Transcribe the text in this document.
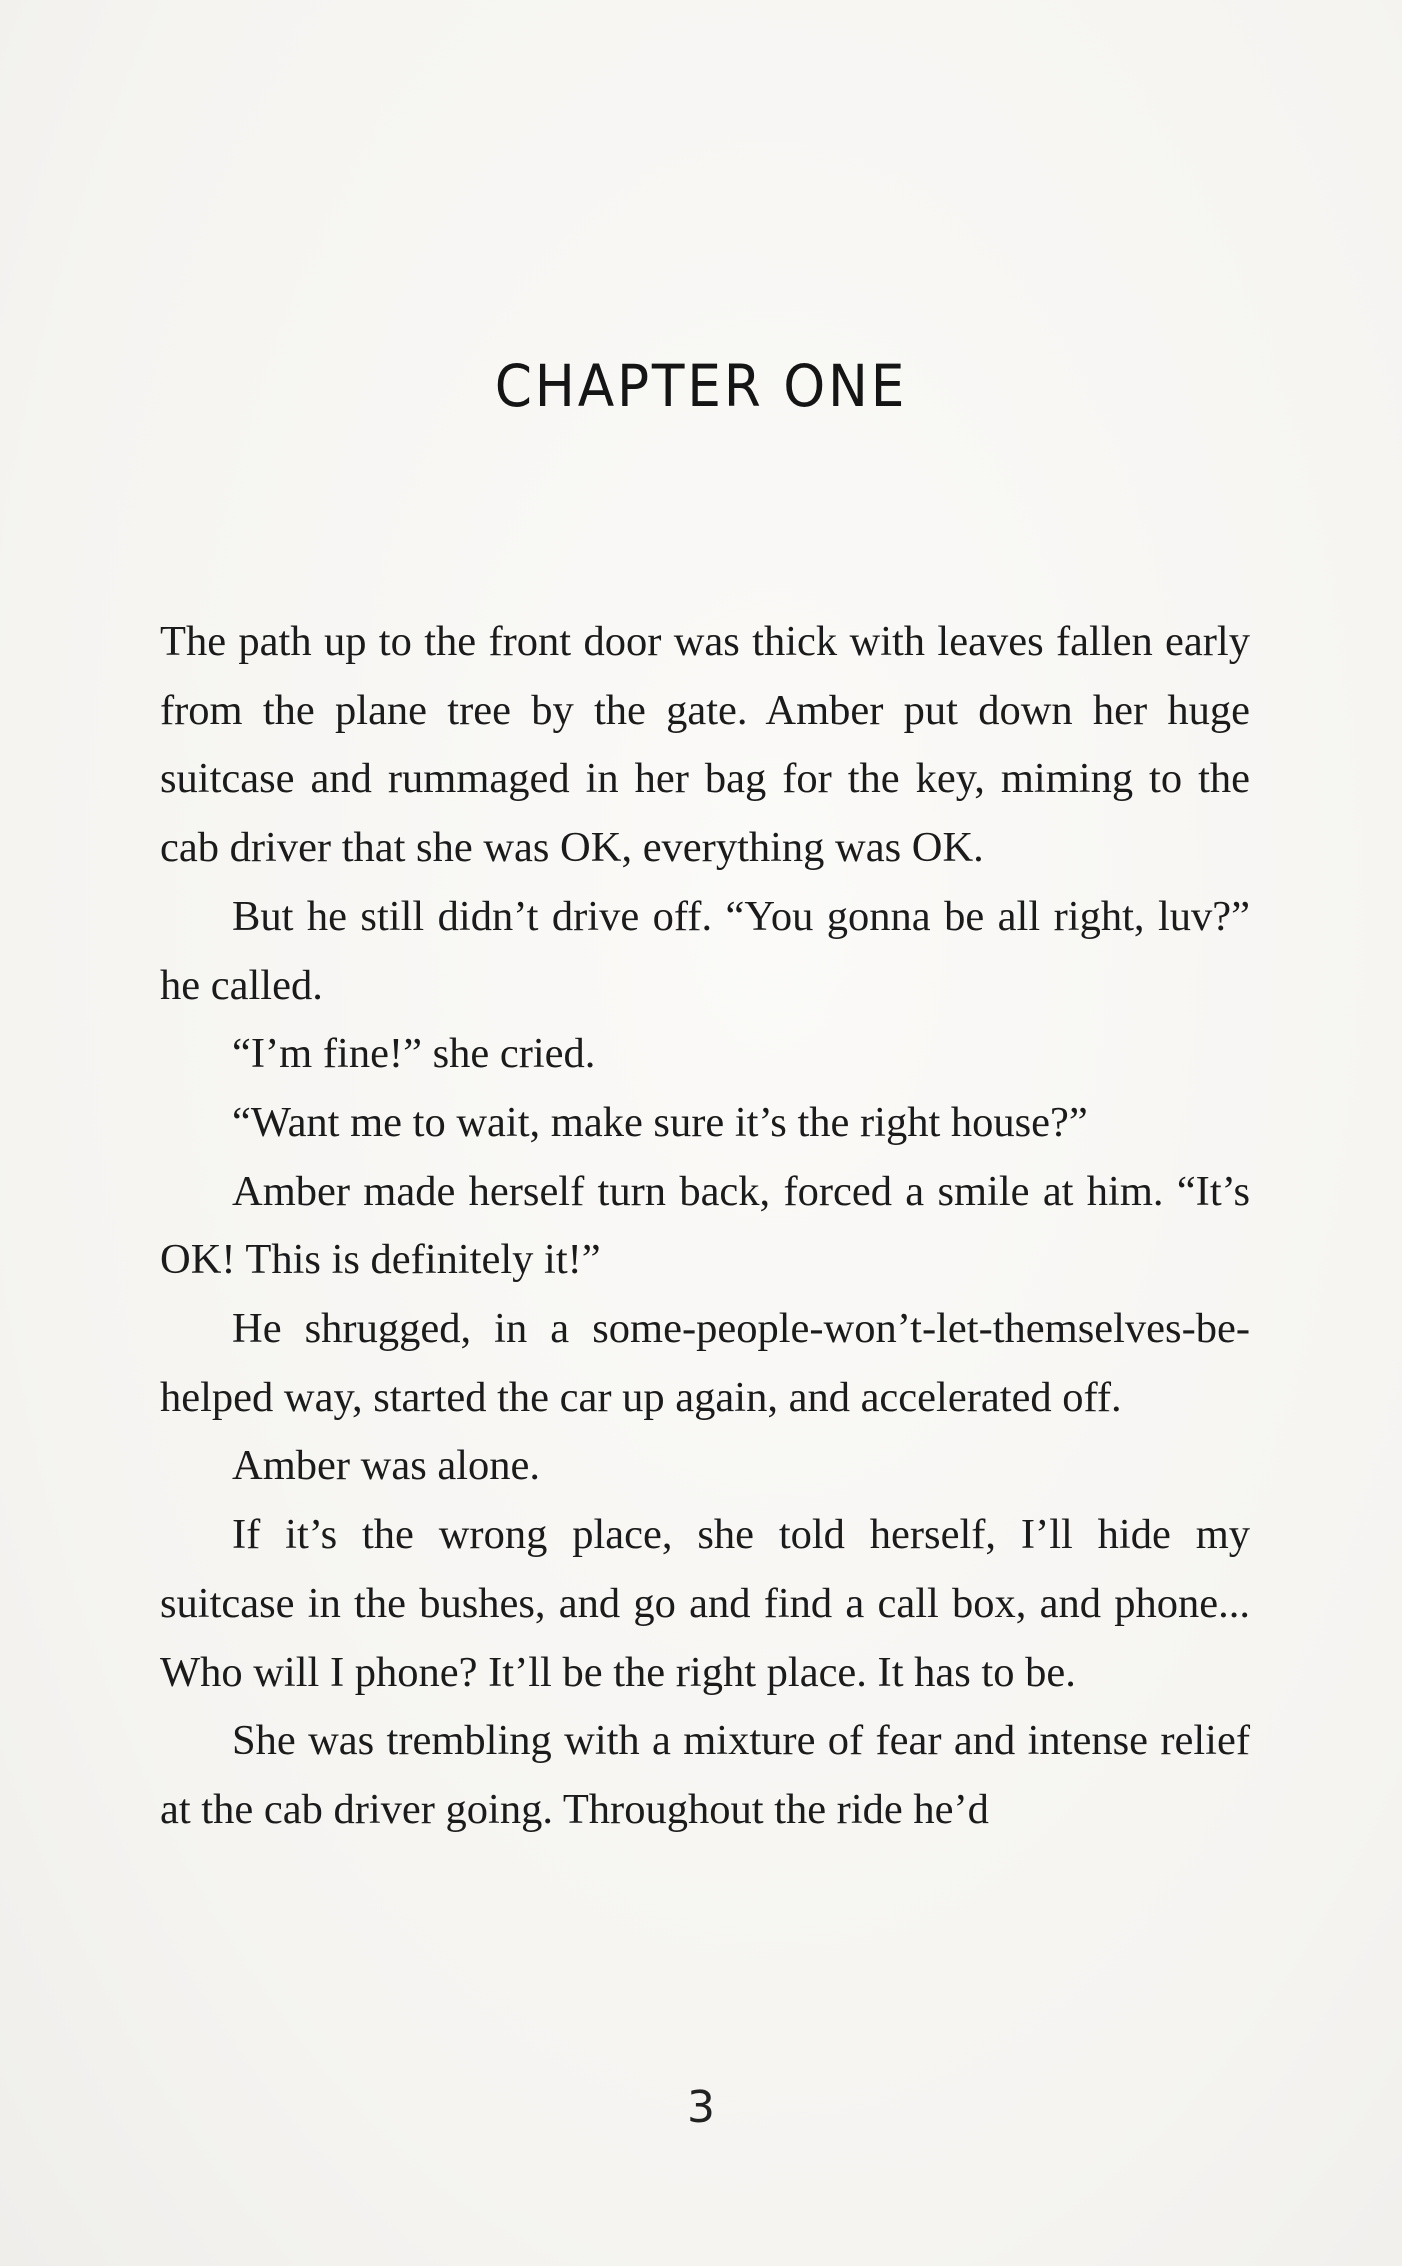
CHAPTER ONE

The path up to the front door was thick with leaves fallen early from the plane tree by the gate. Amber put down her huge suitcase and rummaged in her bag for the key, miming to the cab driver that she was OK, everything was OK.

But he still didn’t drive off. “You gonna be all right, luv?” he called.

“I’m fine!” she cried.

“Want me to wait, make sure it’s the right house?”

Amber made herself turn back, forced a smile at him. “It’s OK! This is definitely it!”

He shrugged, in a some-people-won’t-let-themselves-be-helped way, started the car up again, and accelerated off.

Amber was alone.

If it’s the wrong place, she told herself, I’ll hide my suitcase in the bushes, and go and find a call box, and phone... Who will I phone? It’ll be the right place. It has to be.

She was trembling with a mixture of fear and intense relief at the cab driver going. Throughout the ride he’d

3
